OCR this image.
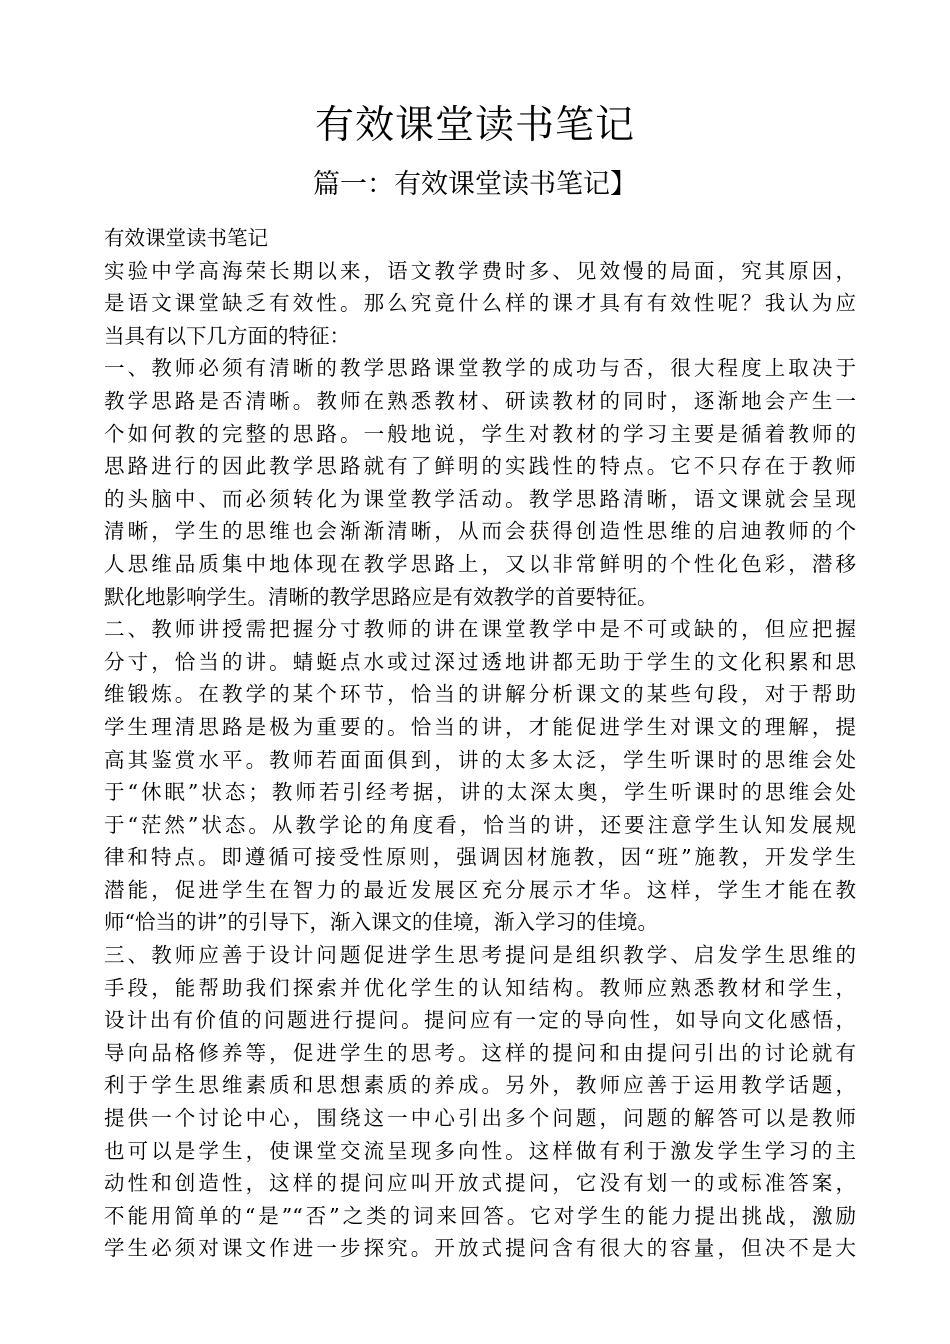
有效课堂读书笔记
篇一：有效课堂读书笔记】
有效课堂读书笔记
实验中学高海荣长期以来，语文教学费时多、见效慢的局面，究其原因，
是语文课堂缺乏有效性。那么究竟什么样的课才具有有效性呢？我认为应
当具有以下几方面的特征：
一、教师必须有清晰的教学思路课堂教学的成功与否，很大程度上取决于
教学思路是否清晰。教师在熟悉教材、研读教材的同时，逐渐地会产生一
个如何教的完整的思路。一般地说，学生对教材的学习主要是循着教师的
思路进行的因此教学思路就有了鲜明的实践性的特点。它不只存在于教师
的头脑中、而必须转化为课堂教学活动。教学思路清晰，语文课就会呈现
清晰，学生的思维也会渐渐清晰，从而会获得创造性思维的启迪教师的个
人思维品质集中地体现在教学思路上，又以非常鲜明的个性化色彩，潜移
默化地影响学生。清晰的教学思路应是有效教学的首要特征。
二、教师讲授需把握分寸教师的讲在课堂教学中是不可或缺的，但应把握
分寸，恰当的讲。蜻蜓点水或过深过透地讲都无助于学生的文化积累和思
维锻炼。在教学的某个环节，恰当的讲解分析课文的某些句段，对于帮助
学生理清思路是极为重要的。恰当的讲，才能促进学生对课文的理解，提
高其鉴赏水平。教师若面面俱到，讲的太多太泛，学生听课时的思维会处
于“休眠”状态；教师若引经考据，讲的太深太奥，学生听课时的思维会处
于“茫然”状态。从教学论的角度看，恰当的讲，还要注意学生认知发展规
律和特点。即遵循可接受性原则，强调因材施教，因“班”施教，开发学生
潜能，促进学生在智力的最近发展区充分展示才华。这样，学生才能在教
师“恰当的讲”的引导下，渐入课文的佳境，渐入学习的佳境。
三、教师应善于设计问题促进学生思考提问是组织教学、启发学生思维的
手段，能帮助我们探索并优化学生的认知结构。教师应熟悉教材和学生，
设计出有价值的问题进行提问。提问应有一定的导向性，如导向文化感悟，
导向品格修养等，促进学生的思考。这样的提问和由提问引出的讨论就有
利于学生思维素质和思想素质的养成。另外，教师应善于运用教学话题，
提供一个讨论中心，围绕这一中心引出多个问题，问题的解答可以是教师
也可以是学生，使课堂交流呈现多向性。这样做有利于激发学生学习的主
动性和创造性，这样的提问应叫开放式提问，它没有划一的或标准答案，
不能用简单的“是”“否”之类的词来回答。它对学生的能力提出挑战，激励
学生必须对课文作进一步探究。开放式提问含有很大的容量，但决不是大
